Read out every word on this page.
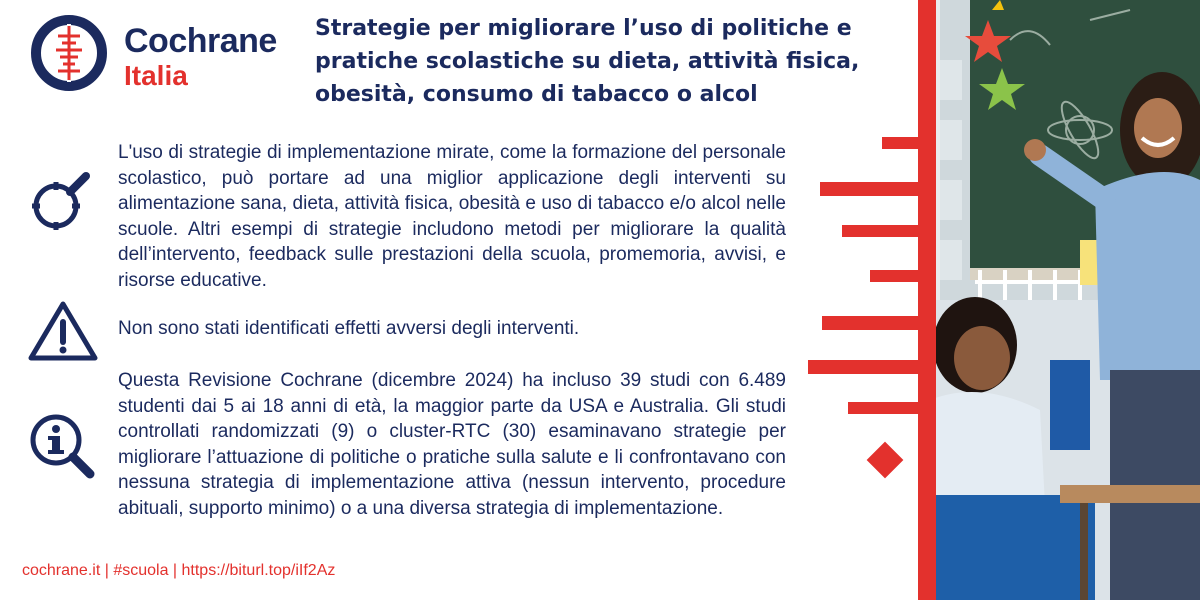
Cochrane
Italia
Strategie per migliorare l’uso di politiche e pratiche scolastiche su dieta, attività fisica, obesità, consumo di tabacco o alcol
L'uso di strategie di implementazione mirate, come la formazione del personale scolastico, può portare ad una miglior applicazione degli interventi su alimentazione sana, dieta, attività fisica, obesità e uso di tabacco e/o alcol nelle scuole. Altri esempi di strategie includono metodi per migliorare la qualità dell’intervento, feedback sulle prestazioni della scuola, promemoria, avvisi, e risorse educative.
Non sono stati identificati effetti avversi degli interventi.
Questa Revisione Cochrane (dicembre 2024) ha incluso 39 studi con 6.489 studenti dai 5 ai 18 anni di età, la maggior parte da USA e Australia. Gli studi controllati randomizzati (9) o cluster-RTC (30) esaminavano strategie per migliorare l’attuazione di politiche o pratiche sulla salute e li confrontavano con nessuna strategia di implementazione attiva (nessun intervento, procedure abituali, supporto minimo) o a una diversa strategia di implementazione.
cochrane.it | #scuola | https://biturl.top/iIf2Az
